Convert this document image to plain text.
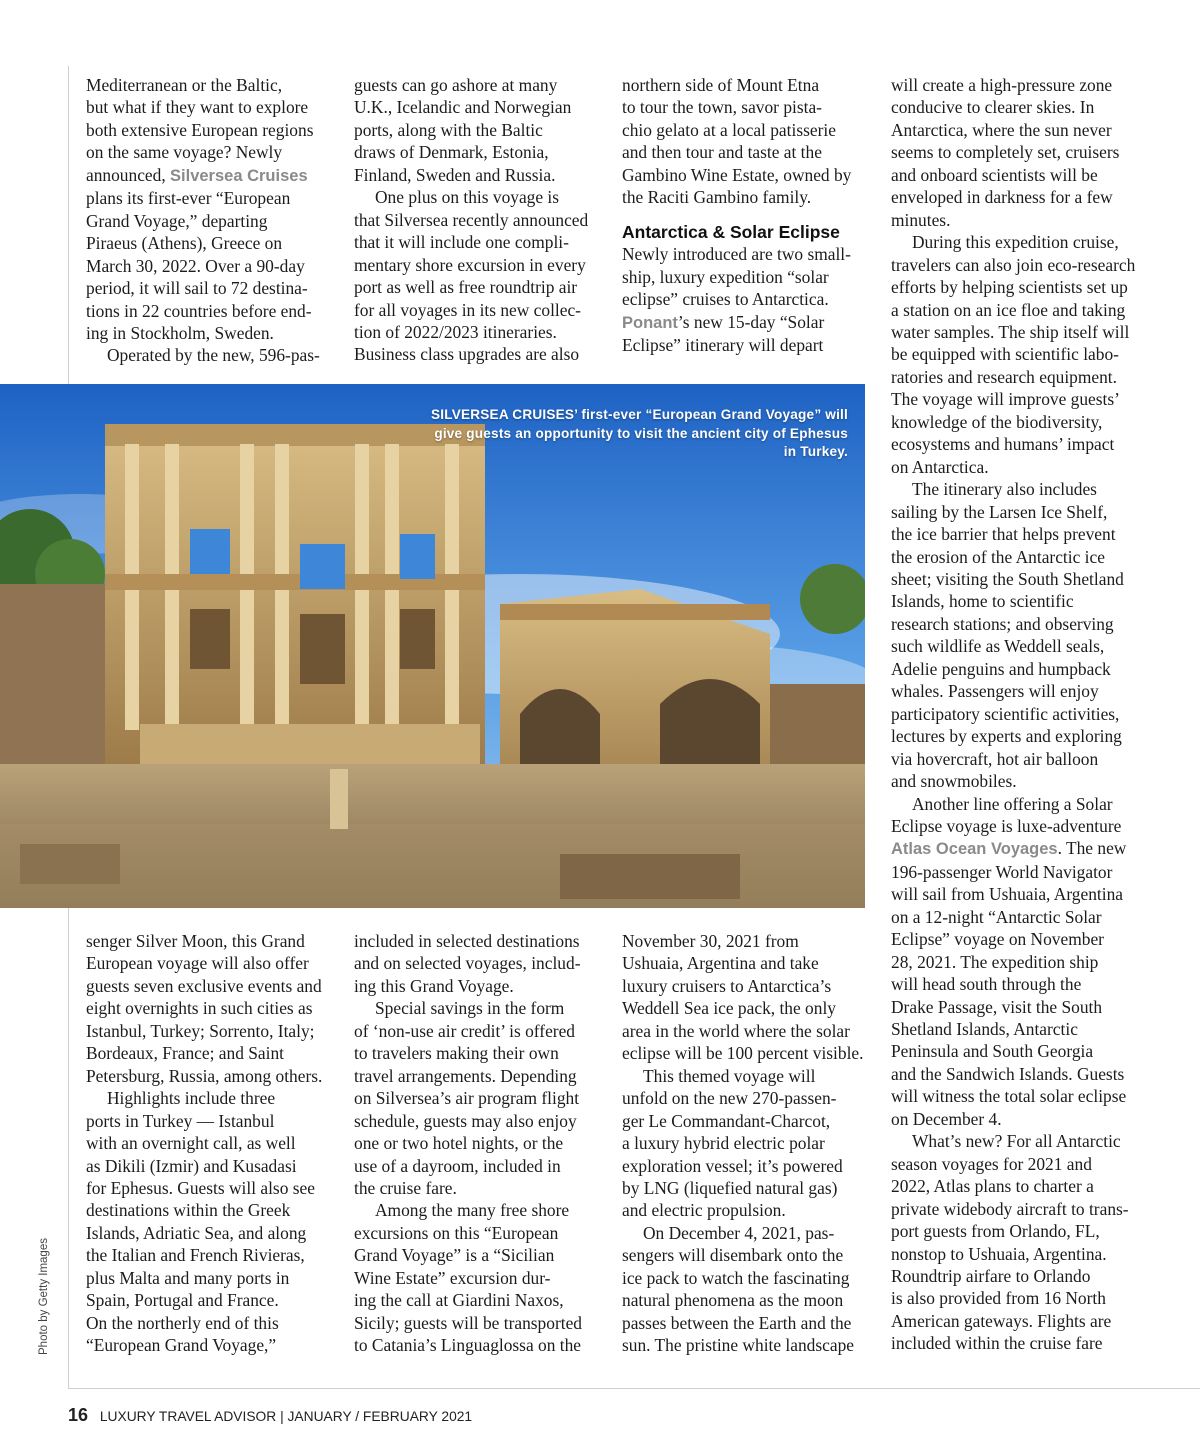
Mediterranean or the Baltic,

but what if they want to explore

both extensive European regions

on the same voyage? Newly

announced, Silversea Cruises

plans its first-ever “European

Grand Voyage,” departing

Piraeus (Athens), Greece on

March 30, 2022. Over a 90-day

period, it will sail to 72 destina-

tions in 22 countries before end-

ing in Stockholm, Sweden.

Operated by the new, 596-pas-

guests can go ashore at many

U.K., Icelandic and Norwegian

ports, along with the Baltic

draws of Denmark, Estonia,

Finland, Sweden and Russia.

One plus on this voyage is

that Silversea recently announced

that it will include one compli-

mentary shore excursion in every

port as well as free roundtrip air

for all voyages in its new collec-

tion of 2022/2023 itineraries.

Business class upgrades are also

northern side of Mount Etna

to tour the town, savor pista-

chio gelato at a local patisserie

and then tour and taste at the

Gambino Wine Estate, owned by

the Raciti Gambino family.

Antarctica & Solar Eclipse

Newly introduced are two small-

ship, luxury expedition “solar

eclipse” cruises to Antarctica.

Ponant’s new 15-day “Solar

Eclipse” itinerary will depart

will create a high-pressure zone

conducive to clearer skies. In

Antarctica, where the sun never

seems to completely set, cruisers

and onboard scientists will be

enveloped in darkness for a few

minutes.

During this expedition cruise,

travelers can also join eco-research

efforts by helping scientists set up

a station on an ice floe and taking

water samples. The ship itself will

be equipped with scientific labo-

ratories and research equipment.

The voyage will improve guests’

knowledge of the biodiversity,

ecosystems and humans’ impact

on Antarctica.

The itinerary also includes

sailing by the Larsen Ice Shelf,

the ice barrier that helps prevent

the erosion of the Antarctic ice

sheet; visiting the South Shetland

Islands, home to scientific

research stations; and observing

such wildlife as Weddell seals,

Adelie penguins and humpback

whales. Passengers will enjoy

participatory scientific activities,

lectures by experts and exploring

via hovercraft, hot air balloon

and snowmobiles.

Another line offering a Solar

Eclipse voyage is luxe-adventure

Atlas Ocean Voyages. The new

196-passenger World Navigator

will sail from Ushuaia, Argentina

on a 12-night “Antarctic Solar

Eclipse” voyage on November

28, 2021. The expedition ship

will head south through the

Drake Passage, visit the South

Shetland Islands, Antarctic

Peninsula and South Georgia

and the Sandwich Islands. Guests

will witness the total solar eclipse

on December 4.

What’s new? For all Antarctic

season voyages for 2021 and

2022, Atlas plans to charter a

private widebody aircraft to trans-

port guests from Orlando, FL,

nonstop to Ushuaia, Argentina.

Roundtrip airfare to Orlando

is also provided from 16 North

American gateways. Flights are

included within the cruise fare

SILVERSEA CRUISES’ first-ever “European Grand Voyage” will give guests an opportunity to visit the ancient city of Ephesus in Turkey.

senger Silver Moon, this Grand

European voyage will also offer

guests seven exclusive events and

eight overnights in such cities as

Istanbul, Turkey; Sorrento, Italy;

Bordeaux, France; and Saint

Petersburg, Russia, among others.

Highlights include three

ports in Turkey — Istanbul

with an overnight call, as well

as Dikili (Izmir) and Kusadasi

for Ephesus. Guests will also see

destinations within the Greek

Islands, Adriatic Sea, and along

the Italian and French Rivieras,

plus Malta and many ports in

Spain, Portugal and France.

On the northerly end of this

“European Grand Voyage,”

included in selected destinations

and on selected voyages, includ-

ing this Grand Voyage.

Special savings in the form

of ‘non-use air credit’ is offered

to travelers making their own

travel arrangements. Depending

on Silversea’s air program flight

schedule, guests may also enjoy

one or two hotel nights, or the

use of a dayroom, included in

the cruise fare.

Among the many free shore

excursions on this “European

Grand Voyage” is a “Sicilian

Wine Estate” excursion dur-

ing the call at Giardini Naxos,

Sicily; guests will be transported

to Catania’s Linguaglossa on the

November 30, 2021 from

Ushuaia, Argentina and take

luxury cruisers to Antarctica’s

Weddell Sea ice pack, the only

area in the world where the solar

eclipse will be 100 percent visible.

This themed voyage will

unfold on the new 270-passen-

ger Le Commandant-Charcot,

a luxury hybrid electric polar

exploration vessel; it’s powered

by LNG (liquefied natural gas)

and electric propulsion.

On December 4, 2021, pas-

sengers will disembark onto the

ice pack to watch the fascinating

natural phenomena as the moon

passes between the Earth and the

sun. The pristine white landscape

Photo by Getty Images
16 LUXURY TRAVEL ADVISOR | JANUARY / FEBRUARY 2021
